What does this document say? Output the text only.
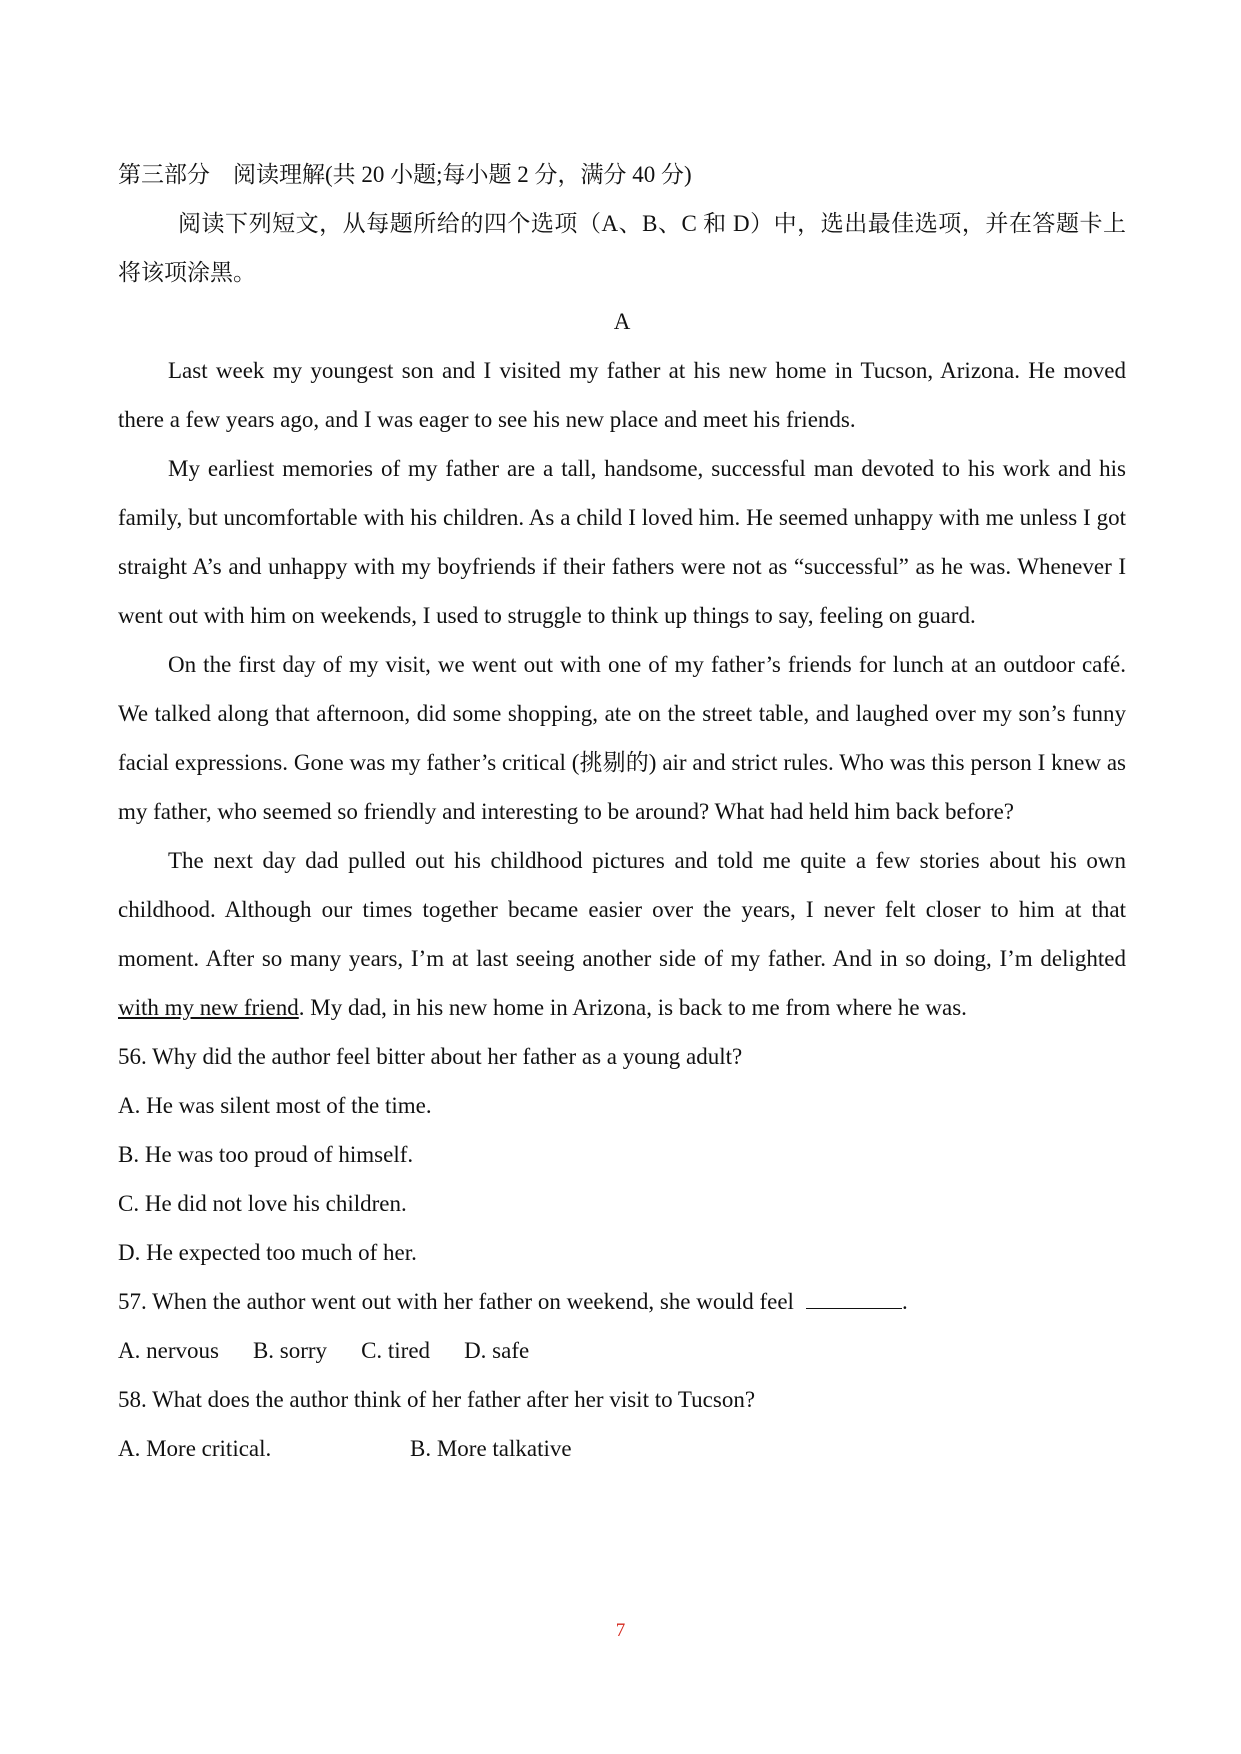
第三部分　阅读理解(共 20 小题;每小题 2 分，满分 40 分)

阅读下列短文，从每题所给的四个选项（A、B、C 和 D）中，选出最佳选项，并在答题卡上将该项涂黑。

A

Last week my youngest son and I visited my father at his new home in Tucson, Arizona. He moved there a few years ago, and I was eager to see his new place and meet his friends.

My earliest memories of my father are a tall, handsome, successful man devoted to his work and his family, but uncomfortable with his children. As a child I loved him. He seemed unhappy with me unless I got straight A’s and unhappy with my boyfriends if their fathers were not as “successful” as he was. Whenever I went out with him on weekends, I used to struggle to think up things to say, feeling on guard.

On the first day of my visit, we went out with one of my father’s friends for lunch at an outdoor café. We talked along that afternoon, did some shopping, ate on the street table, and laughed over my son’s funny facial expressions. Gone was my father’s critical (挑剔的) air and strict rules. Who was this person I knew as my father, who seemed so friendly and interesting to be around? What had held him back before?

The next day dad pulled out his childhood pictures and told me quite a few stories about his own childhood. Although our times together became easier over the years, I never felt closer to him at that moment. After so many years, I’m at last seeing another side of my father. And in so doing, I’m delighted with my new friend. My dad, in his new home in Arizona, is back to me from where he was.

56. Why did the author feel bitter about her father as a young adult?

A. He was silent most of the time.

B. He was too proud of himself.

C. He did not love his children.

D. He expected too much of her.

57. When the author went out with her father on weekend, she would feel	.

A. nervous B. sorry C. tired D. safe

58. What does the author think of her father after her visit to Tucson?

A. More critical.	B. More talkative

7
